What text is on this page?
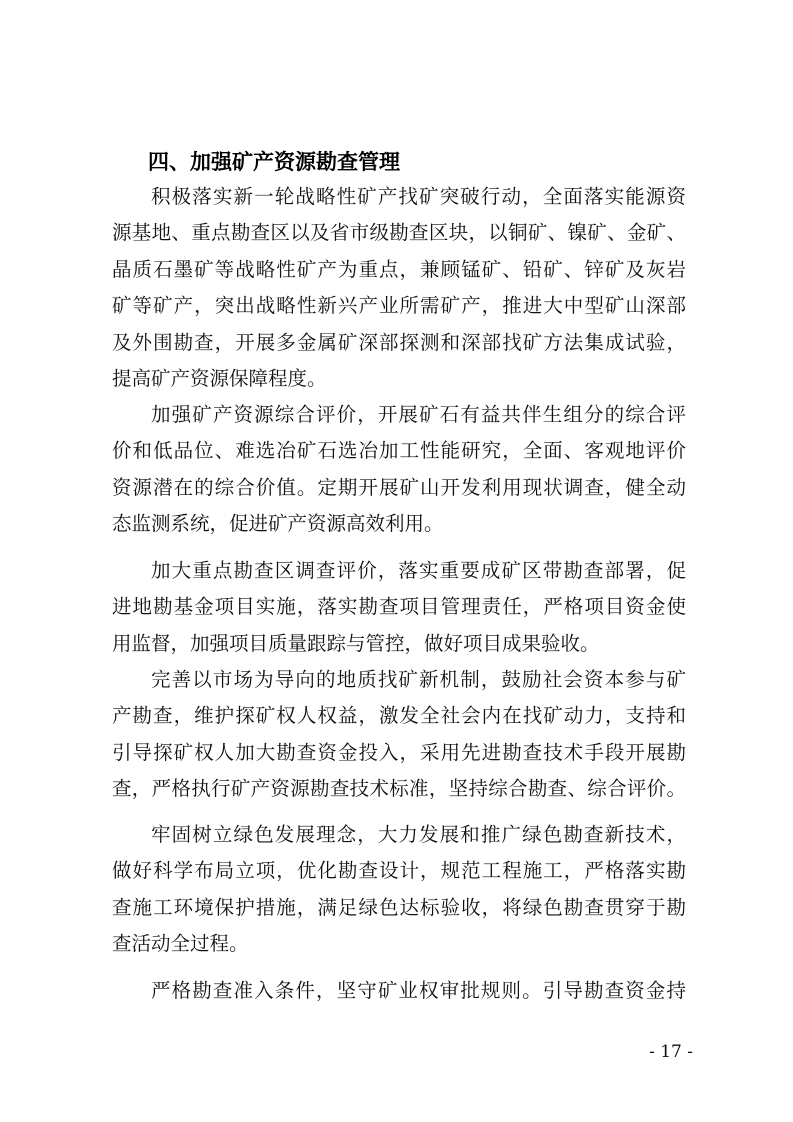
四、加强矿产资源勘查管理
积极落实新一轮战略性矿产找矿突破行动，全面落实能源资
源基地、重点勘查区以及省市级勘查区块，以铜矿、镍矿、金矿、
晶质石墨矿等战略性矿产为重点，兼顾锰矿、铅矿、锌矿及灰岩
矿等矿产，突出战略性新兴产业所需矿产，推进大中型矿山深部
及外围勘查，开展多金属矿深部探测和深部找矿方法集成试验，
提高矿产资源保障程度。
加强矿产资源综合评价，开展矿石有益共伴生组分的综合评
价和低品位、难选冶矿石选冶加工性能研究，全面、客观地评价
资源潜在的综合价值。定期开展矿山开发利用现状调查，健全动
态监测系统，促进矿产资源高效利用。
加大重点勘查区调查评价，落实重要成矿区带勘查部署，促
进地勘基金项目实施，落实勘查项目管理责任，严格项目资金使
用监督，加强项目质量跟踪与管控，做好项目成果验收。
完善以市场为导向的地质找矿新机制，鼓励社会资本参与矿
产勘查，维护探矿权人权益，激发全社会内在找矿动力，支持和
引导探矿权人加大勘查资金投入，采用先进勘查技术手段开展勘
查，严格执行矿产资源勘查技术标准，坚持综合勘查、综合评价。
牢固树立绿色发展理念，大力发展和推广绿色勘查新技术，
做好科学布局立项，优化勘查设计，规范工程施工，严格落实勘
查施工环境保护措施，满足绿色达标验收，将绿色勘查贯穿于勘
查活动全过程。
严格勘查准入条件，坚守矿业权审批规则。引导勘查资金持
- 17 -
